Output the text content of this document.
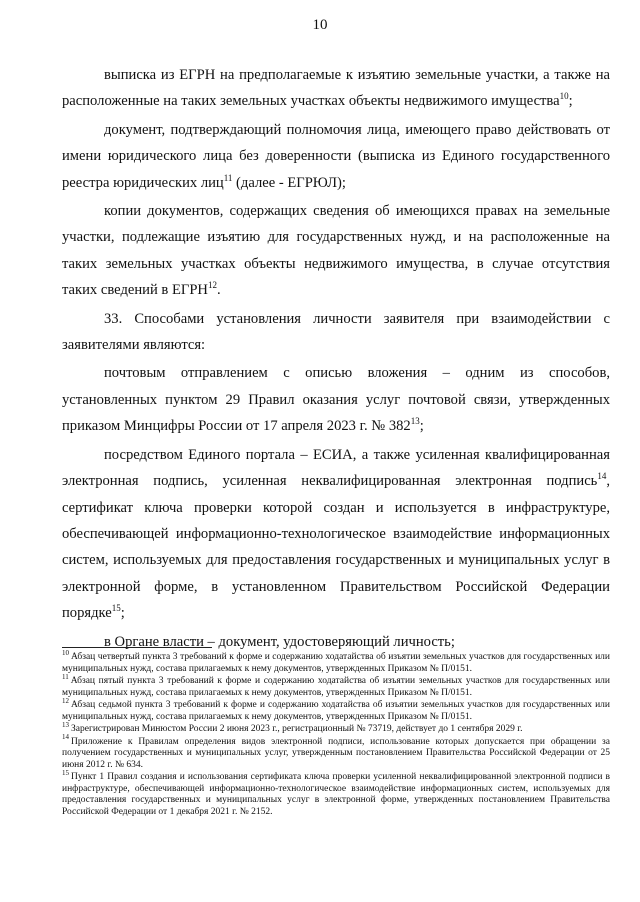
10

выписка из ЕГРН на предполагаемые к изъятию земельные участки, а также на расположенные на таких земельных участках объекты недвижимого имущества$^{10}$;

документ, подтверждающий полномочия лица, имеющего право действовать от имени юридического лица без доверенности (выписка из Единого государственного реестра юридических лиц$^{11}$ (далее - ЕГРЮЛ);

копии документов, содержащих сведения об имеющихся правах на земельные участки, подлежащие изъятию для государственных нужд, и на расположенные на таких земельных участках объекты недвижимого имущества, в случае отсутствия таких сведений в ЕГРН$^{12}$.

33. Способами установления личности заявителя при взаимодействии с заявителями являются:

почтовым отправлением с описью вложения – одним из способов, установленных пунктом 29 Правил оказания услуг почтовой связи, утвержденных приказом Минцифры России от 17 апреля 2023 г. № $382^{13}$;

посредством Единого портала – ЕСИА, а также усиленная квалифицированная электронная подпись, усиленная неквалифицированная электронная подпись$^{14}$, сертификат ключа проверки которой создан и используется в инфраструктуре, обеспечивающей информационно-технологическое взаимодействие информационных систем, используемых для предоставления государственных и муниципальных услуг в электронной форме, в установленном Правительством Российской Федерации порядке$^{15}$;

в Органе власти – документ, удостоверяющий личность;

$^{10}$ Абзац четвертый пункта 3 требований к форме и содержанию ходатайства об изъятии земельных участков для государственных или муниципальных нужд, состава прилагаемых к нему документов, утвержденных Приказом № П/0151.

$^{11}$ Абзац пятый пункта 3 требований к форме и содержанию ходатайства об изъятии земельных участков для государственных или муниципальных нужд, состава прилагаемых к нему документов, утвержденных Приказом № П/0151.

$^{12}$ Абзац седьмой пункта 3 требований к форме и содержанию ходатайства об изъятии земельных участков для государственных или муниципальных нужд, состава прилагаемых к нему документов, утвержденных Приказом № П/0151.

$^{13}$ Зарегистрирован Минюстом России 2 июня 2023 г., регистрационный № 73719, действует до 1 сентября 2029 г.

$^{14}$ Приложение к Правилам определения видов электронной подписи, использование которых допускается при обращении за получением государственных и муниципальных услуг, утвержденным постановлением Правительства Российской Федерации от 25 июня 2012 г. № 634.

$^{15}$ Пункт 1 Правил создания и использования сертификата ключа проверки усиленной неквалифицированной электронной подписи в инфраструктуре, обеспечивающей информационно-технологическое взаимодействие информационных систем, используемых для предоставления государственных и муниципальных услуг в электронной форме, утвержденных постановлением Правительства Российской Федерации от 1 декабря 2021 г. № 2152.
